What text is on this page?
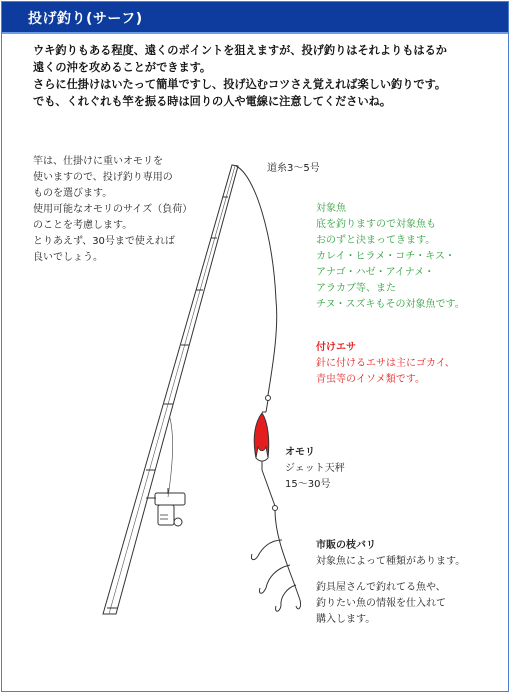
投げ釣り(サーフ)
ウキ釣りもある程度、遠くのポイントを狙えますが、投げ釣りはそれよりもはるか
遠くの沖を攻めることができます。
さらに仕掛けはいたって簡単ですし、投げ込むコツさえ覚えれば楽しい釣りです。
でも、くれぐれも竿を振る時は回りの人や電線に注意してくださいね。
竿は、仕掛けに重いオモリを
使いますので、投げ釣り専用の
ものを選びます。
使用可能なオモリのサイズ（負荷）
のことを考慮します。
とりあえず、30号まで使えれば
良いでしょう。
道糸3～5号
対象魚
底を釣りますので対象魚も
おのずと決まってきます。
カレイ・ヒラメ・コチ・キス・
アナゴ・ハゼ・アイナメ・
アラカブ等、また
チヌ・スズキもその対象魚です。
付けエサ
針に付けるエサは主にゴカイ、
青虫等のイソメ類です。
オモリ
ジェット天秤
15～30号
市販の枝バリ
対象魚によって種類があります。
釣具屋さんで釣れてる魚や、
釣りたい魚の情報を仕入れて
購入します。
